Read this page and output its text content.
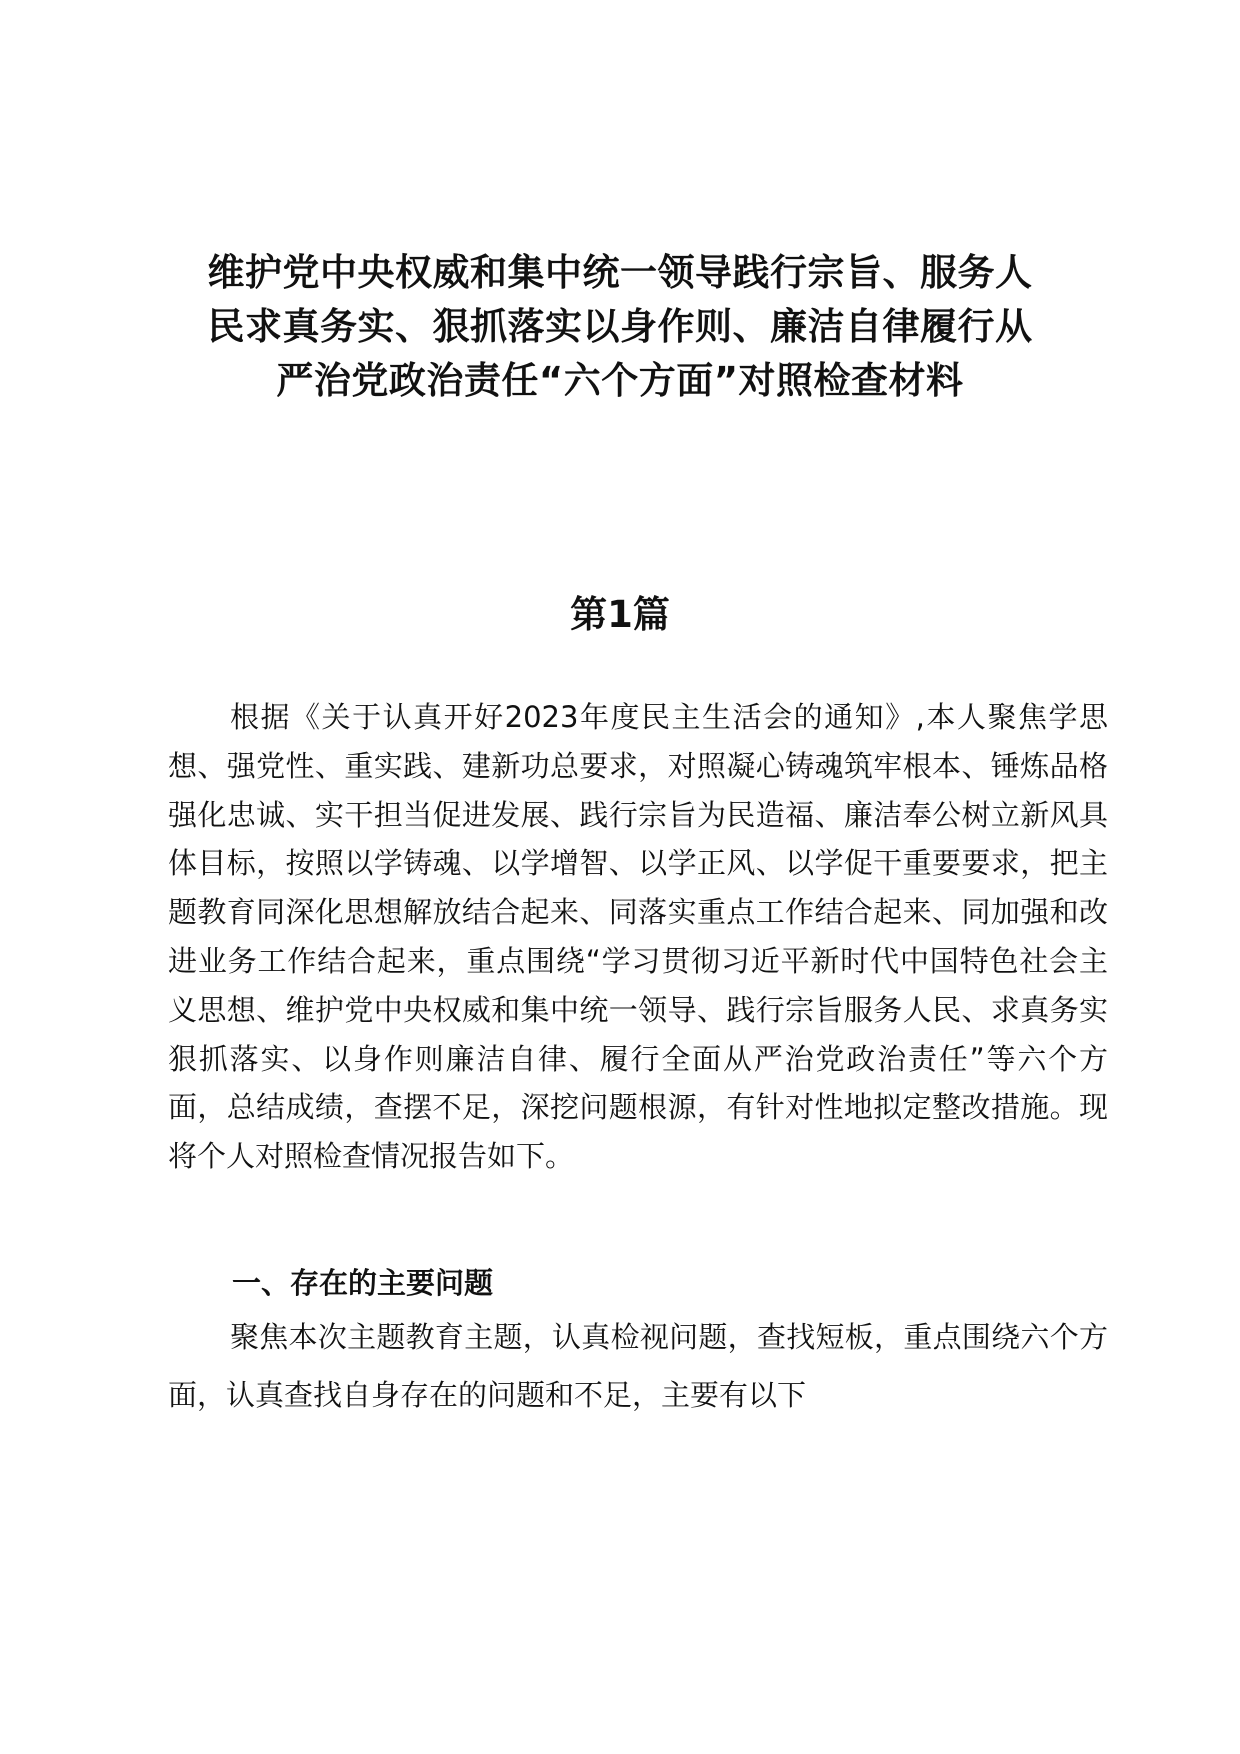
维护党中央权威和集中统一领导践行宗旨、服务人
民求真务实、狠抓落实以身作则、廉洁自律履行从
严治党政治责任“六个方面”对照检查材料
第1篇

根据《关于认真开好2023年度民主生活会的通知》,本人聚焦学思想、强党性、重实践、建新功总要求，对照凝心铸魂筑牢根本、锤炼品格强化忠诚、实干担当促进发展、践行宗旨为民造福、廉洁奉公树立新风具体目标，按照以学铸魂、以学增智、以学正风、以学促干重要要求，把主题教育同深化思想解放结合起来、同落实重点工作结合起来、同加强和改进业务工作结合起来，重点围绕“学习贯彻习近平新时代中国特色社会主义思想、维护党中央权威和集中统一领导、践行宗旨服务人民、求真务实狠抓落实、以身作则廉洁自律、履行全面从严治党政治责任”等六个方面，总结成绩，查摆不足，深挖问题根源，有针对性地拟定整改措施。现将个人对照检查情况报告如下。

一、存在的主要问题

聚焦本次主题教育主题，认真检视问题，查找短板，重点围绕六个方面，认真查找自身存在的问题和不足，主要有以下
